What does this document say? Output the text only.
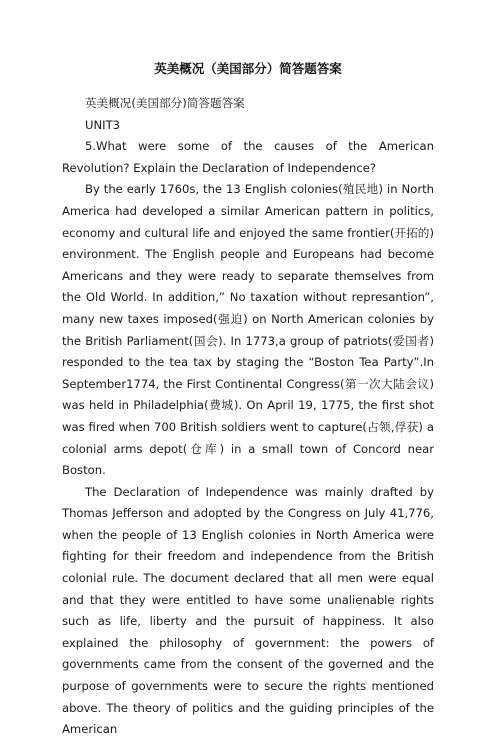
英美概况（美国部分）简答题答案

英美概况(美国部分)简答题答案

UNIT3

5.What were some of the causes of the American Revolution? Explain the Declaration of Independence?

By the early 1760s, the 13 English colonies(殖民地) in North America had developed a similar American pattern in politics, economy and cultural life and enjoyed the same frontier(开拓的) environment. The English people and Europeans had become Americans and they were ready to separate themselves from the Old World. In addition,” No taxation without represantion”, many new taxes imposed(强迫) on North American colonies by the British Parliament(国会). In 1773,a group of patriots(爱国者) responded to the tea tax by staging the “Boston Tea Party”.In September1774, the First Continental Congress(第一次大陆会议) was held in Philadelphia(费城). On April 19, 1775, the first shot was fired when 700 British soldiers went to capture(占领,俘获) a colonial arms depot(仓库) in a small town of Concord near Boston.

The Declaration of Independence was mainly drafted by Thomas Jefferson and adopted by the Congress on July 41,776, when the people of 13 English colonies in North America were fighting for their freedom and independence from the British colonial rule. The document declared that all men were equal and that they were entitled to have some unalienable rights such as life, liberty and the pursuit of happiness. It also explained the philosophy of government: the powers of governments came from the consent of the governed and the purpose of governments were to secure the rights mentioned above. The theory of politics and the guiding principles of the American
